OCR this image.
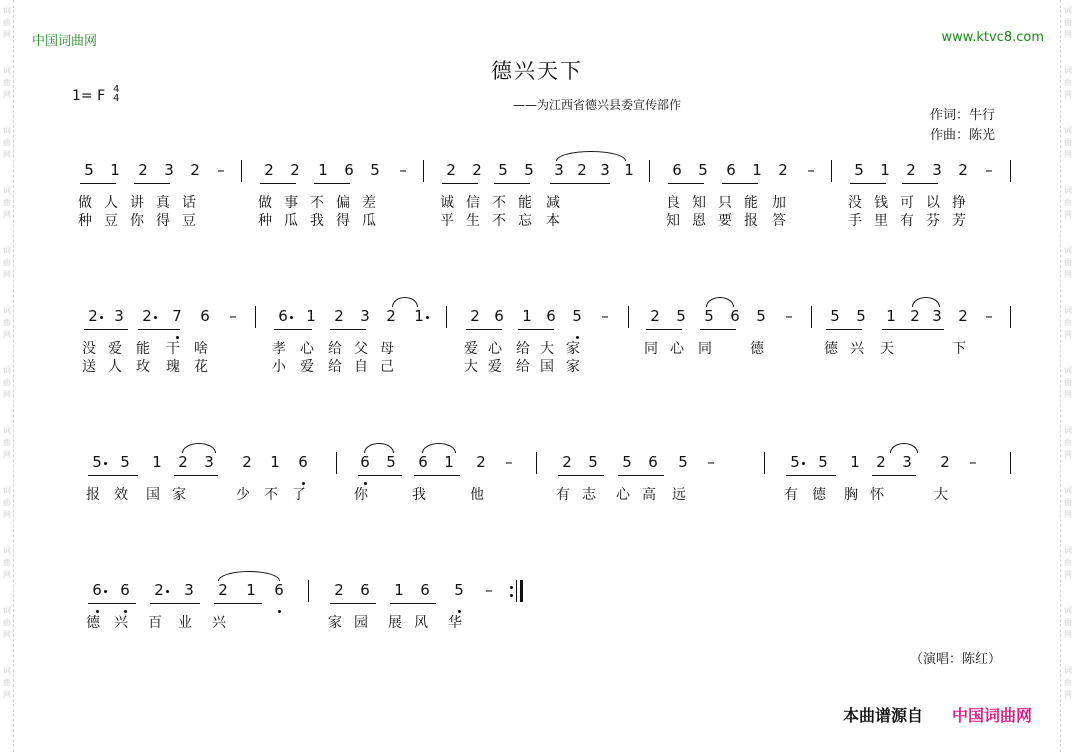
词
曲
网
词
曲
网
词
曲
网
词
曲
网
词
曲
网
词
曲
网
词
曲
网
词
曲
网
词
曲
网
词
曲
网
词
曲
网
词
曲
网
词
曲
网
词
曲
网
词
曲
网
词
曲
网
词
曲
网
词
曲
网
词
曲
网
词
曲
网
词
曲
网
词
曲
网
词
曲
网
词
曲
网
中国词曲网	www.ktvc8.com
德兴天下
——为江西省德兴县委宣传部作
1= F 4
4
作词：牛行
作曲：陈光
5	1	2	3	2	–	2	2	1	6	5	–	2	2	5	5	3 2 3 1	6	5	6	1	2	–	5	1	2	3	2	–
做 人 讲 真 话	做 事 不 偏 差	诚 信 不 能 减	良 知 只 能 加	没 钱 可 以 挣
种 豆 你 得 豆	种 瓜 我 得 瓜	平 生 不 忘 本	知 恩 要 报 答	手 里 有 芬 芳
2	3	2	7	6	–	6	1	2	3	2	1	2 6	1 6	5	–	2	5	5	6	5	–	5	5	1 2 3	2	–
没 爱 能 干 啥	孝 心 给 父 母	爱 心 给 大 家	同 心 同	德	德 兴 天	下
送 人 玫 瑰 花	小 爱 给 自 己	大 爱 给 国 家
5	5	1	2	3	2	1	6	6	5	6	1	2	–	2	5	5	6	5	–	5	5	1	2	3	2	–
报 效 国 家	少 不 了	你	我	他	有 志 心 高 远	有 德 胸 怀	大
6	6	2	3	2	1	6	2	6	1	6	5	–
德 兴 百 业 兴	家 园 展 风 华
（演唱：陈红）
本曲谱源自 中国词曲网
